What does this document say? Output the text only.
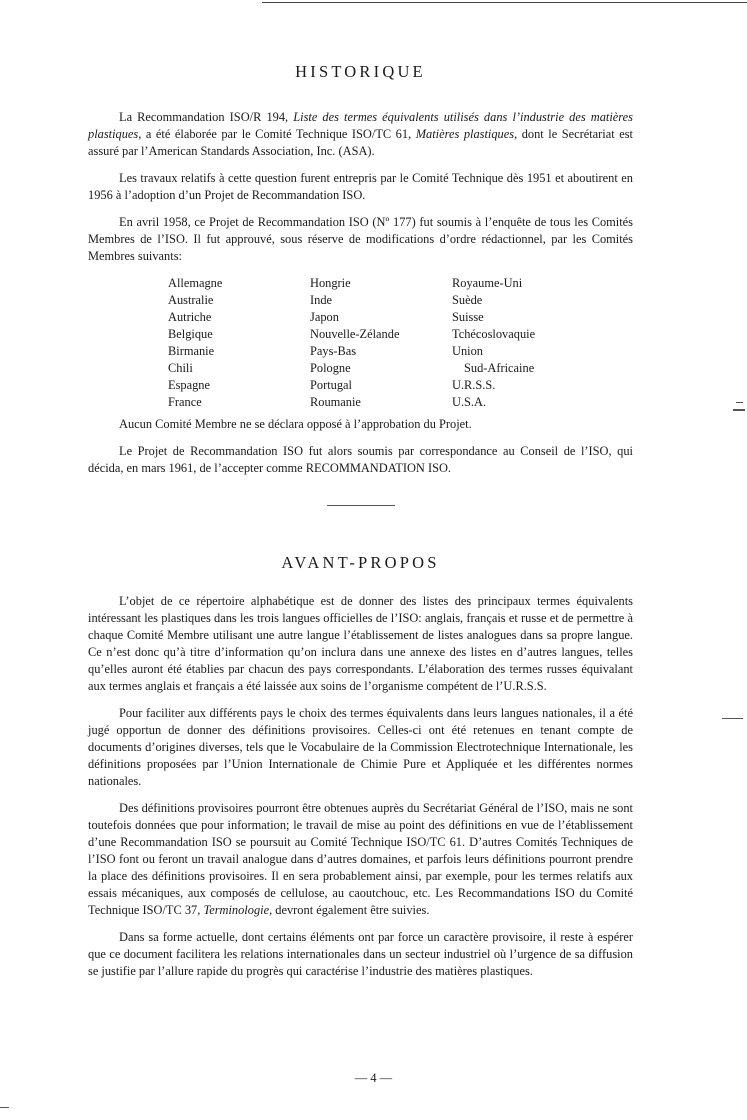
HISTORIQUE

La Recommandation ISO/R 194, Liste des termes équivalents utilisés dans l’industrie des matières plastiques, a été élaborée par le Comité Technique ISO/TC 61, Matières plastiques, dont le Secrétariat est assuré par l’American Standards Association, Inc. (ASA).

Les travaux relatifs à cette question furent entrepris par le Comité Technique dès 1951 et aboutirent en 1956 à l’adoption d’un Projet de Recommandation ISO.

En avril 1958, ce Projet de Recommandation ISO (Nº 177) fut soumis à l’enquête de tous les Comités Membres de l’ISO. Il fut approuvé, sous réserve de modifications d’ordre rédactionnel, par les Comités Membres suivants:

Allemagne
Australie
Autriche
Belgique
Birmanie
Chili
Espagne
France
Hongrie
Inde
Japon
Nouvelle-Zélande
Pays-Bas
Pologne
Portugal
Roumanie
Royaume-Uni
Suède
Suisse
Tchécoslovaquie
Union
Sud-Africaine
U.R.S.S.
U.S.A.

Aucun Comité Membre ne se déclara opposé à l’approbation du Projet.

Le Projet de Recommandation ISO fut alors soumis par correspondance au Conseil de l’ISO, qui décida, en mars 1961, de l’accepter comme RECOMMANDATION ISO.

AVANT-PROPOS

L’objet de ce répertoire alphabétique est de donner des listes des principaux termes équivalents intéressant les plastiques dans les trois langues officielles de l’ISO: anglais, français et russe et de permettre à chaque Comité Membre utilisant une autre langue l’établissement de listes analogues dans sa propre langue. Ce n’est donc qu’à titre d’information qu’on inclura dans une annexe des listes en d’autres langues, telles qu’elles auront été établies par chacun des pays correspondants. L’élaboration des termes russes équivalant aux termes anglais et français a été laissée aux soins de l’organisme compétent de l’U.R.S.S.

Pour faciliter aux différents pays le choix des termes équivalents dans leurs langues nationales, il a été jugé opportun de donner des définitions provisoires. Celles-ci ont été retenues en tenant compte de documents d’origines diverses, tels que le Vocabulaire de la Commission Electrotechnique Internationale, les définitions proposées par l’Union Internationale de Chimie Pure et Appliquée et les différentes normes nationales.

Des définitions provisoires pourront être obtenues auprès du Secrétariat Général de l’ISO, mais ne sont toutefois données que pour information; le travail de mise au point des définitions en vue de l’établissement d’une Recommandation ISO se poursuit au Comité Technique ISO/TC 61. D’autres Comités Techniques de l’ISO font ou feront un travail analogue dans d’autres domaines, et parfois leurs définitions pourront prendre la place des définitions provisoires. Il en sera probablement ainsi, par exemple, pour les termes relatifs aux essais mécaniques, aux composés de cellulose, au caoutchouc, etc. Les Recommandations ISO du Comité Technique ISO/TC 37, Terminologie, devront également être suivies.

Dans sa forme actuelle, dont certains éléments ont par force un caractère provisoire, il reste à espérer que ce document facilitera les relations internationales dans un secteur industriel où l’urgence de sa diffusion se justifie par l’allure rapide du progrès qui caractérise l’industrie des matières plastiques.

— 4 —
